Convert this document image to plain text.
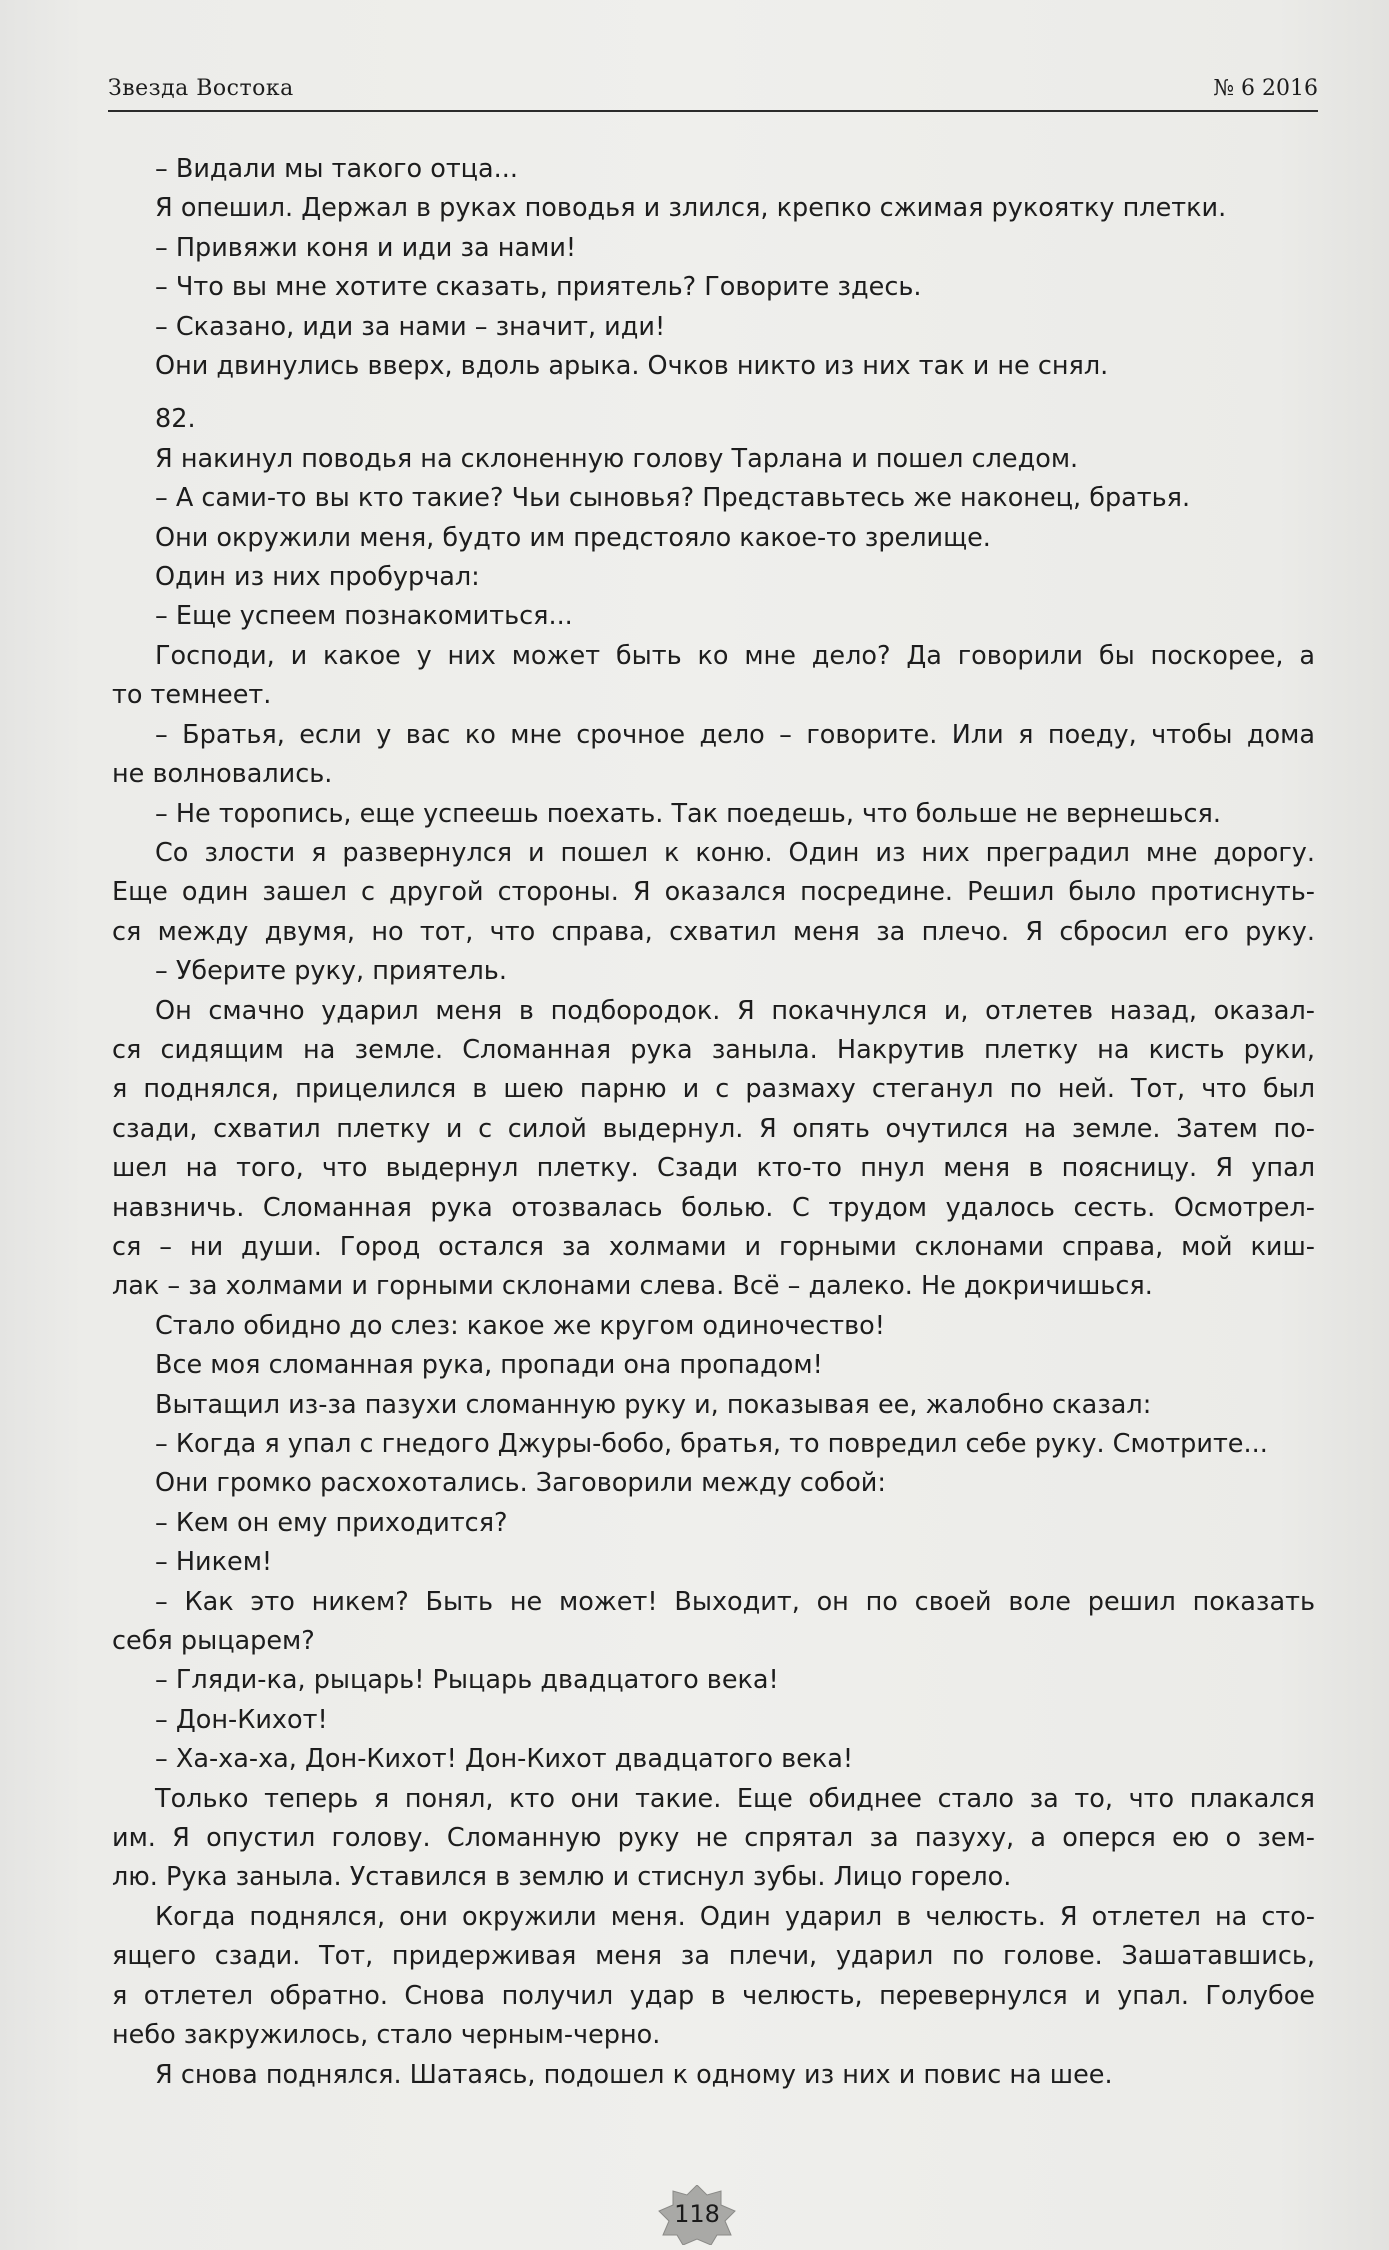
Звезда Востока	№ 6 2016
– Видали мы такого отца...
Я опешил. Держал в руках поводья и злился, крепко сжимая рукоятку плетки.
– Привяжи коня и иди за нами!
– Что вы мне хотите сказать, приятель? Говорите здесь.
– Сказано, иди за нами – значит, иди!
Они двинулись вверх, вдоль арыка. Очков никто из них так и не снял.
82.
Я накинул поводья на склоненную голову Тарлана и пошел следом.
– А сами-то вы кто такие? Чьи сыновья? Представьтесь же наконец, братья.
Они окружили меня, будто им предстояло какое-то зрелище.
Один из них пробурчал:
– Еще успеем познакомиться...
Господи, и какое у них может быть ко мне дело? Да говорили бы поскорее, а
то темнеет.
– Братья, если у вас ко мне срочное дело – говорите. Или я поеду, чтобы дома
не волновались.
– Не торопись, еще успеешь поехать. Так поедешь, что больше не вернешься.
Со злости я развернулся и пошел к коню. Один из них преградил мне дорогу.
Еще один зашел с другой стороны. Я оказался посредине. Решил было протиснуть-
ся между двумя, но тот, что справа, схватил меня за плечо. Я сбросил его руку.
– Уберите руку, приятель.
Он смачно ударил меня в подбородок. Я покачнулся и, отлетев назад, оказал-
ся сидящим на земле. Сломанная рука заныла. Накрутив плетку на кисть руки,
я поднялся, прицелился в шею парню и с размаху стеганул по ней. Тот, что был
сзади, схватил плетку и с силой выдернул. Я опять очутился на земле. Затем по-
шел на того, что выдернул плетку. Сзади кто-то пнул меня в поясницу. Я упал
навзничь. Сломанная рука отозвалась болью. С трудом удалось сесть. Осмотрел-
ся – ни души. Город остался за холмами и горными склонами справа, мой киш-
лак – за холмами и горными склонами слева. Всё – далеко. Не докричишься.
Стало обидно до слез: какое же кругом одиночество!
Все моя сломанная рука, пропади она пропадом!
Вытащил из-за пазухи сломанную руку и, показывая ее, жалобно сказал:
– Когда я упал с гнедого Джуры-бобо, братья, то повредил себе руку. Смотрите...
Они громко расхохотались. Заговорили между собой:
– Кем он ему приходится?
– Никем!
– Как это никем? Быть не может! Выходит, он по своей воле решил показать
себя рыцарем?
– Гляди-ка, рыцарь! Рыцарь двадцатого века!
– Дон-Кихот!
– Ха-ха-ха, Дон-Кихот! Дон-Кихот двадцатого века!
Только теперь я понял, кто они такие. Еще обиднее стало за то, что плакался
им. Я опустил голову. Сломанную руку не спрятал за пазуху, а оперся ею о зем-
лю. Рука заныла. Уставился в землю и стиснул зубы. Лицо горело.
Когда поднялся, они окружили меня. Один ударил в челюсть. Я отлетел на сто-
ящего сзади. Тот, придерживая меня за плечи, ударил по голове. Зашатавшись,
я отлетел обратно. Снова получил удар в челюсть, перевернулся и упал. Голубое
небо закружилось, стало черным-черно.
Я снова поднялся. Шатаясь, подошел к одному из них и повис на шее.
118
